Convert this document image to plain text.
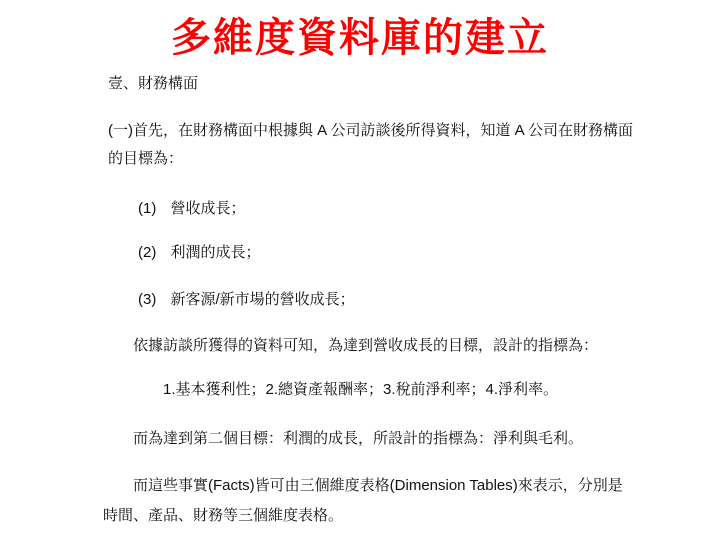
多維度資料庫的建立
壹、財務構面
(一)首先，在財務構面中根據與 A 公司訪談後所得資料，知道 A 公司在財務構面
的目標為：
(1) 營收成長；
(2) 利潤的成長；
(3) 新客源/新市場的營收成長；
依據訪談所獲得的資料可知，為達到營收成長的目標，設計的指標為：
1.基本獲利性；2.總資產報酬率；3.稅前淨利率；4.淨利率。
而為達到第二個目標：利潤的成長，所設計的指標為：淨利與毛利。
而這些事實(Facts)皆可由三個維度表格(Dimension Tables)來表示，分別是
時間、產品、財務等三個維度表格。
